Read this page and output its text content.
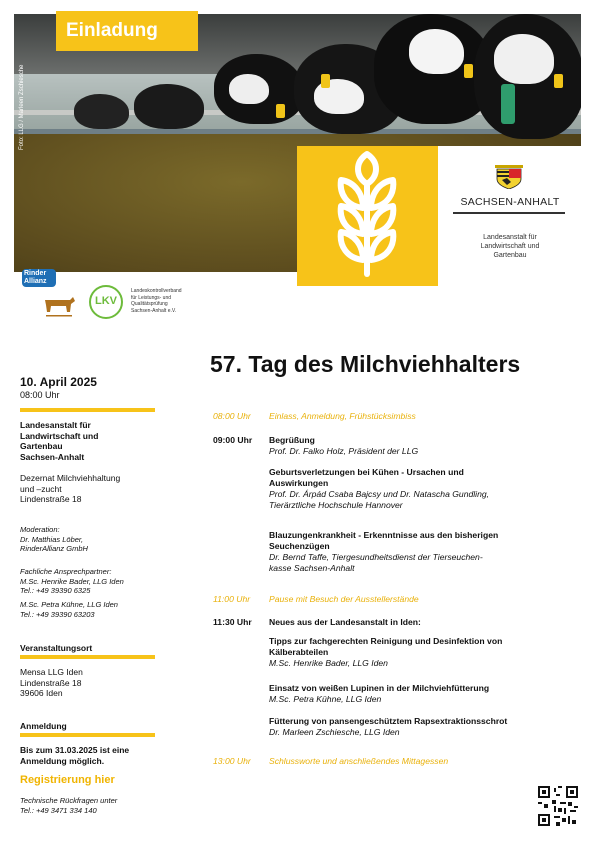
Einladung
Foto: LLG / Marleen Zschiesche
SACHSEN-ANHALT
Landesanstalt für
Landwirtschaft und
Gartenbau
Rinder
Allianz
LKV
Landeskontrollverband
für Leistungs- und
Qualitätsprüfung
Sachsen-Anhalt e.V.
57. Tag des Milchviehhalters
10. April 2025
08:00 Uhr
Landesanstalt für
Landwirtschaft und
Gartenbau
Sachsen-Anhalt
Dezernat Milchviehhaltung
und –zucht
Lindenstraße 18
Moderation:
Dr. Matthias Löber,
RinderAllianz GmbH
Fachliche Ansprechpartner:
M.Sc. Henrike Bader, LLG Iden
Tel.: +49 39390 6325
M.Sc. Petra Kühne, LLG Iden
Tel.: +49 39390 63203
Veranstaltungsort
Mensa LLG Iden
Lindenstraße 18
39606 Iden
Anmeldung
Bis zum 31.03.2025 ist eine
Anmeldung möglich.
Registrierung hier
Technische Rückfragen unter
Tel.: +49 3471 334 140
08:00 Uhr	Einlass, Anmeldung, Frühstücksimbiss
09:00 Uhr	Begrüßung
Prof. Dr. Falko Holz, Präsident der LLG
Geburtsverletzungen bei Kühen - Ursachen und
Auswirkungen
Prof. Dr. Árpád Csaba Bajcsy und Dr. Natascha Gundling,
Tierärztliche Hochschule Hannover
Blauzungenkrankheit - Erkenntnisse aus den bisherigen
Seuchenzügen
Dr. Bernd Taffe, Tiergesundheitsdienst der Tierseuchen-
kasse Sachsen-Anhalt
11:00 Uhr	Pause mit Besuch der Ausstellerstände
11:30 Uhr	Neues aus der Landesanstalt in Iden:
Tipps zur fachgerechten Reinigung und Desinfektion von
Kälberabteilen
M.Sc. Henrike Bader, LLG Iden
Einsatz von weißen Lupinen in der Milchviehfütterung
M.Sc. Petra Kühne, LLG Iden
Fütterung von pansengeschütztem Rapsextraktionsschrot
Dr. Marleen Zschiesche, LLG Iden
13:00 Uhr	Schlussworte und anschließendes Mittagessen
